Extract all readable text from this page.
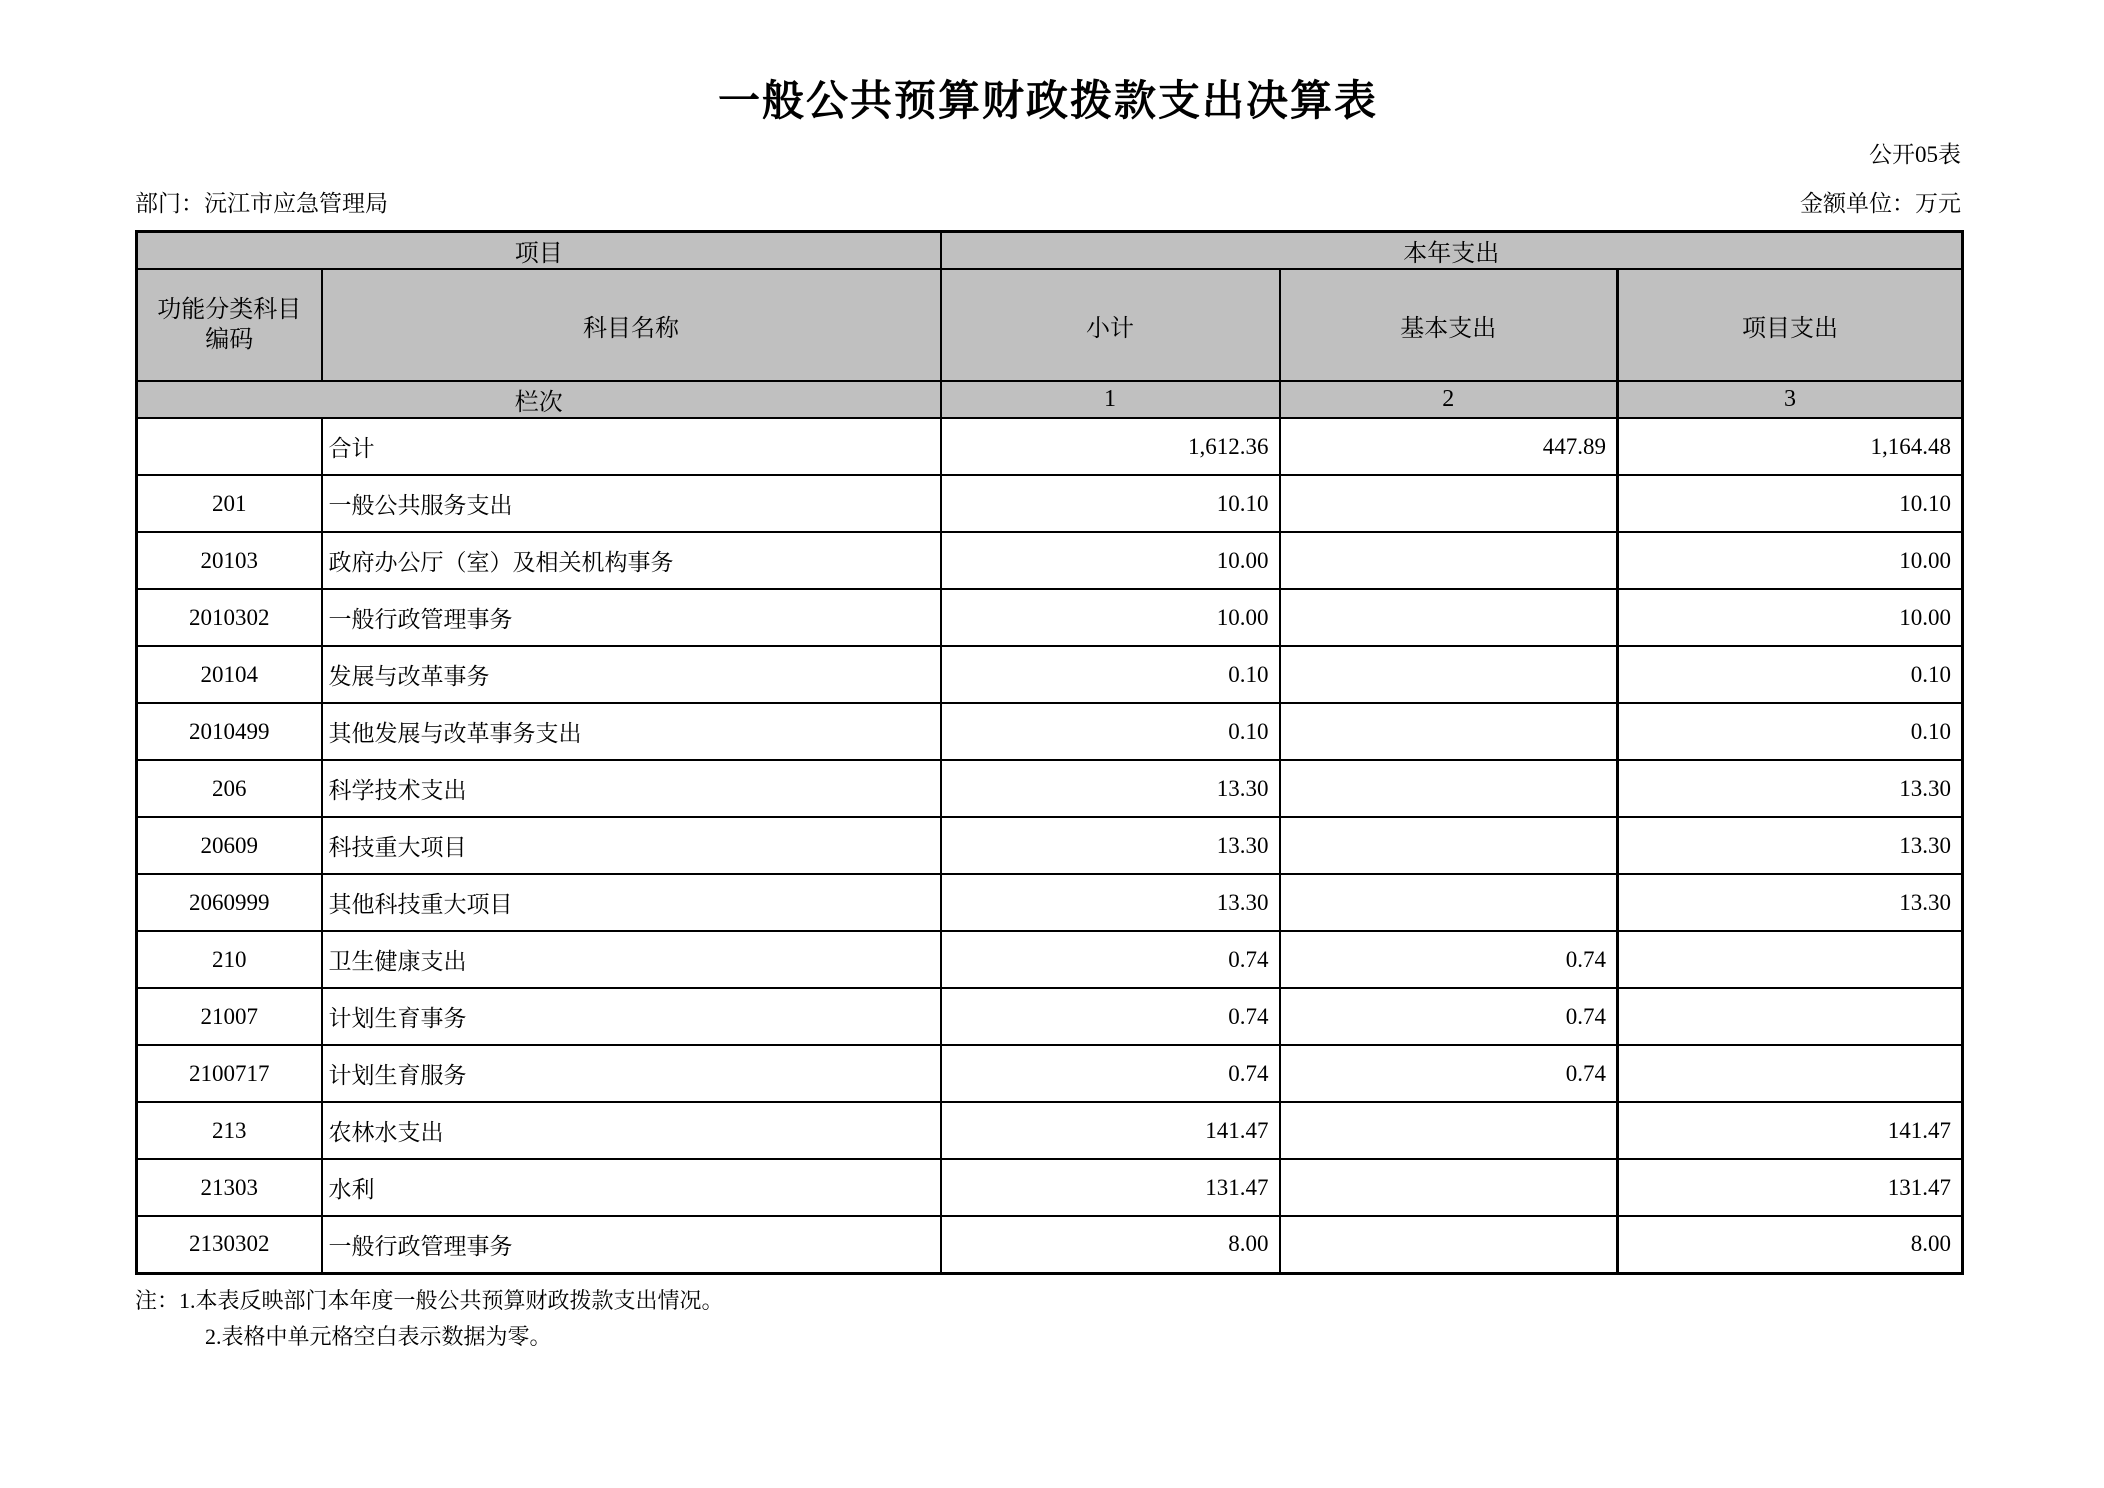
一般公共预算财政拨款支出决算表
公开05表
部门：沅江市应急管理局	金额单位：万元
项目		本年支出		
功能分类科目编码	科目名称	小计	基本支出	项目支出
栏次		1	2	3
	合计	1,612.36	447.89	1,164.48
201	一般公共服务支出	10.10		10.10
20103	政府办公厅（室）及相关机构事务	10.00		10.00
2010302	一般行政管理事务	10.00		10.00
20104	发展与改革事务	0.10		0.10
2010499	其他发展与改革事务支出	0.10		0.10
206	科学技术支出	13.30		13.30
20609	科技重大项目	13.30		13.30
2060999	其他科技重大项目	13.30		13.30
210	卫生健康支出	0.74	0.74	
21007	计划生育事务	0.74	0.74	
2100717	计划生育服务	0.74	0.74	
213	农林水支出	141.47		141.47
21303	水利	131.47		131.47
2130302	一般行政管理事务	8.00		8.00
注：1.本表反映部门本年度一般公共预算财政拨款支出情况。
2.表格中单元格空白表示数据为零。
